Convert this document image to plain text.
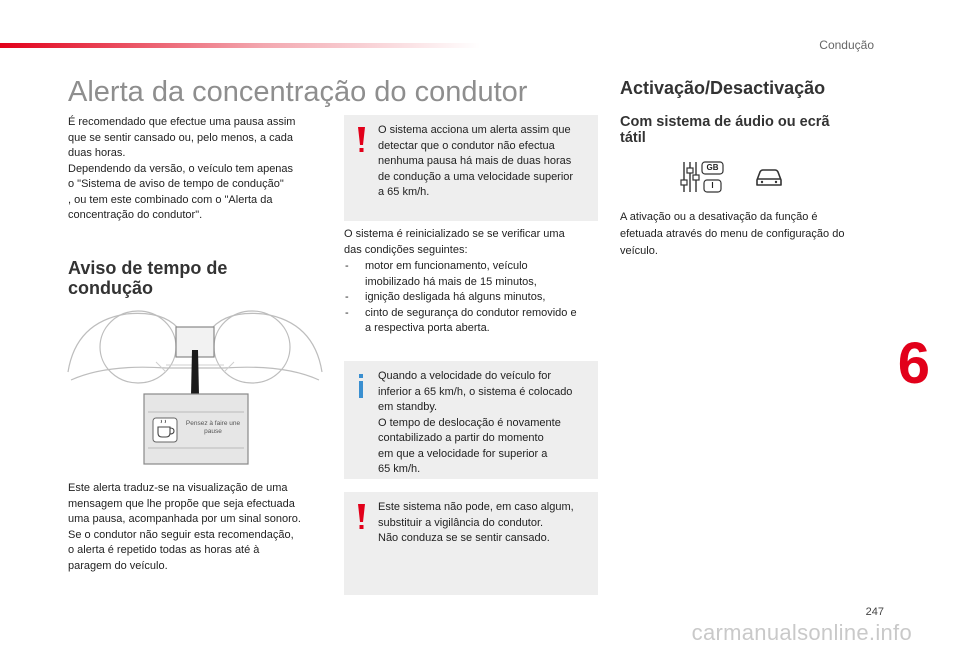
Condução
Alerta da concentração do condutor

É recomendado que efectue uma pausa assim
que se sentir cansado ou, pelo menos, a cada
duas horas.
Dependendo da versão, o veículo tem apenas
o "Sistema de aviso de tempo de condução"
, ou tem este combinado com o "Alerta da
concentração do condutor".

Aviso de tempo de
condução
Pensez à faire une
pause

Este alerta traduz-se na visualização de uma
mensagem que lhe propõe que seja efectuada
uma pausa, acompanhada por um sinal sonoro.
Se o condutor não seguir esta recomendação,
o alerta é repetido todas as horas até à
paragem do veículo.

O sistema acciona um alerta assim que
detectar que o condutor não efectua
nenhuma pausa há mais de duas horas
de condução a uma velocidade superior
a 65 km/h.

O sistema é reinicializado se se verificar uma
das condições seguintes:

- motor em funcionamento, veículo
imobilizado há mais de 15 minutos,
- ignição desligada há alguns minutos,
- cinto de segurança do condutor removido e
a respectiva porta aberta.

Quando a velocidade do veículo for
inferior a 65 km/h, o sistema é colocado
em standby.
O tempo de deslocação é novamente
contabilizado a partir do momento
em que a velocidade for superior a
65 km/h.

Este sistema não pode, em caso algum,
substituir a vigilância do condutor.
Não conduza se se sentir cansado.

Activação/Desactivação
Com sistema de áudio ou ecrã
tátil
GB
I

A ativação ou a desativação da função é
efetuada através do menu de configuração do
veículo.

6
247
carmanualsonline.info
